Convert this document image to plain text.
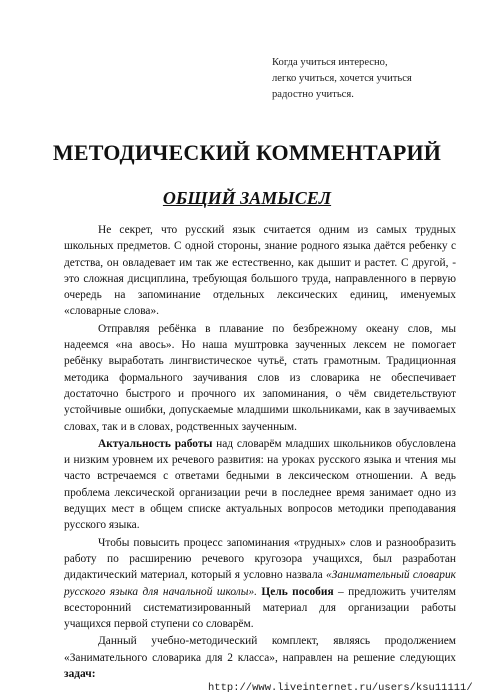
Когда учиться интересно,
легко учиться, хочется учиться
радостно учиться.
МЕТОДИЧЕСКИЙ КОММЕНТАРИЙ
ОБЩИЙ ЗАМЫСЕЛ

Не секрет, что русский язык считается одним из самых трудных школьных предметов. С одной стороны, знание родного языка даётся ребенку с детства, он овладевает им так же естественно, как дышит и растет. С другой, - это сложная дисциплина, требующая большого труда, направленного в первую очередь на запоминание отдельных лексических единиц, именуемых «словарные слова».

Отправляя ребёнка в плавание по безбрежному океану слов, мы надеемся «на авось». Но наша муштровка заученных лексем не помогает ребёнку выработать лингвистическое чутьё, стать грамотным. Традиционная методика формального заучивания слов из словарика не обеспечивает достаточно быстрого и прочного их запоминания, о чём свидетельствуют устойчивые ошибки, допускаемые младшими школьниками, как в заучиваемых словах, так и в словах, родственных заученным.

Актуальность работы над словарём младших школьников обусловлена и низким уровнем их речевого развития: на уроках русского языка и чтения мы часто встречаемся с ответами бедными в лексическом отношении. А ведь проблема лексической организации речи в последнее время занимает одно из ведущих мест в общем списке актуальных вопросов методики преподавания русского языка.

Чтобы повысить процесс запоминания «трудных» слов и разнообразить работу по расширению речевого кругозора учащихся, был разработан дидактический материал, который я условно назвала «Занимательный словарик русского языка для начальной школы». Цель пособия – предложить учителям всесторонний систематизированный материал для организации работы учащихся первой ступени со словарём.

Данный учебно-методический комплект, являясь продолжением «Занимательного словарика для 2 класса», направлен на решение следующих задач:

http://www.liveinternet.ru/users/ksu11111/
